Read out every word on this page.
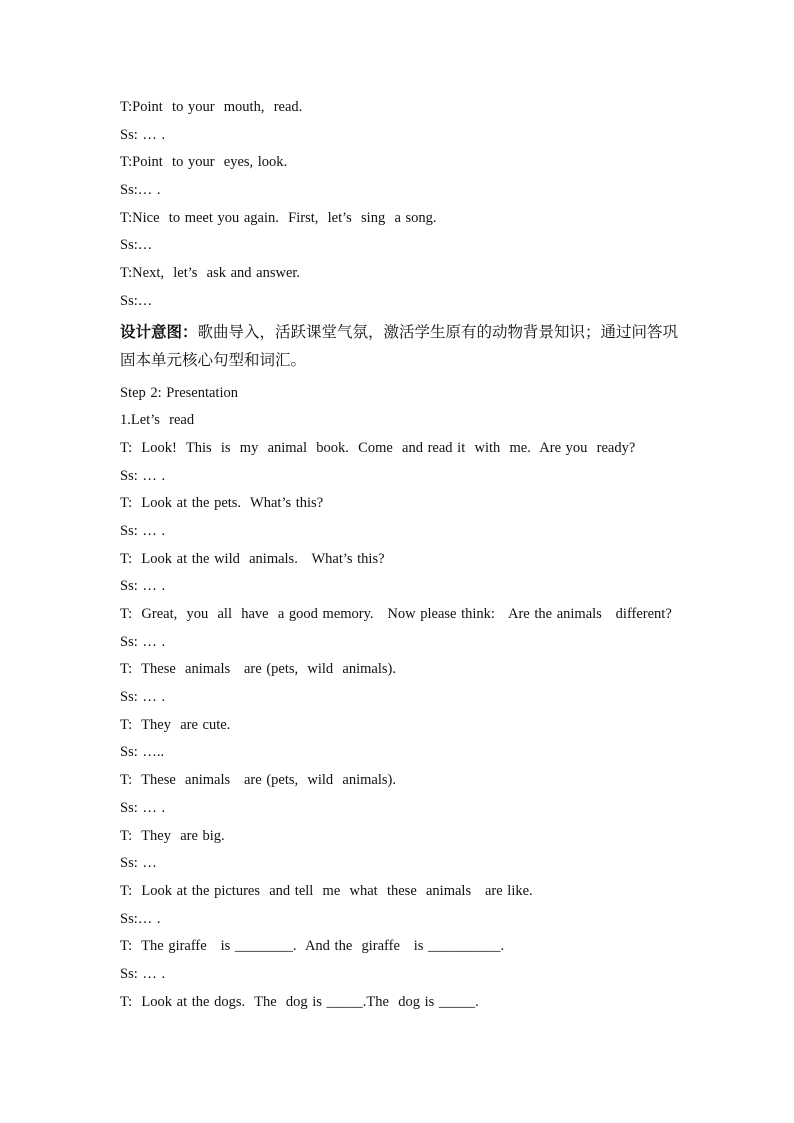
T:Point  to your  mouth,  read.
Ss: … .
T:Point  to your  eyes, look.
Ss:… .
T:Nice  to meet you again.  First,  let’s  sing  a song.
Ss:…
T:Next,  let’s  ask and answer.
Ss:…
设计意图：歌曲导入，活跃课堂气氛，激活学生原有的动物背景知识；通过问答巩固本单元核心句型和词汇。
Step 2: Presentation
1.Let’s  read
T:  Look!  This  is  my  animal  book.  Come  and read it  with  me.  Are you  ready?
Ss: … .
T:  Look at the pets.  What’s this?
Ss: … .
T:  Look at the wild  animals.   What’s this?
Ss: … .
T:  Great,  you  all  have  a good memory.   Now please think:   Are the animals   different?
Ss: … .
T:  These  animals   are (pets,  wild  animals).
Ss: … .
T:  They  are cute.
Ss: …..
T:  These  animals   are (pets,  wild  animals).
Ss: … .
T:  They  are big.
Ss: …
T:  Look at the pictures  and tell  me  what  these  animals   are like.
Ss:… .
T:  The giraffe   is ________.  And the  giraffe   is __________.
Ss: … .
T:  Look at the dogs.  The  dog is _____.The  dog is _____.
